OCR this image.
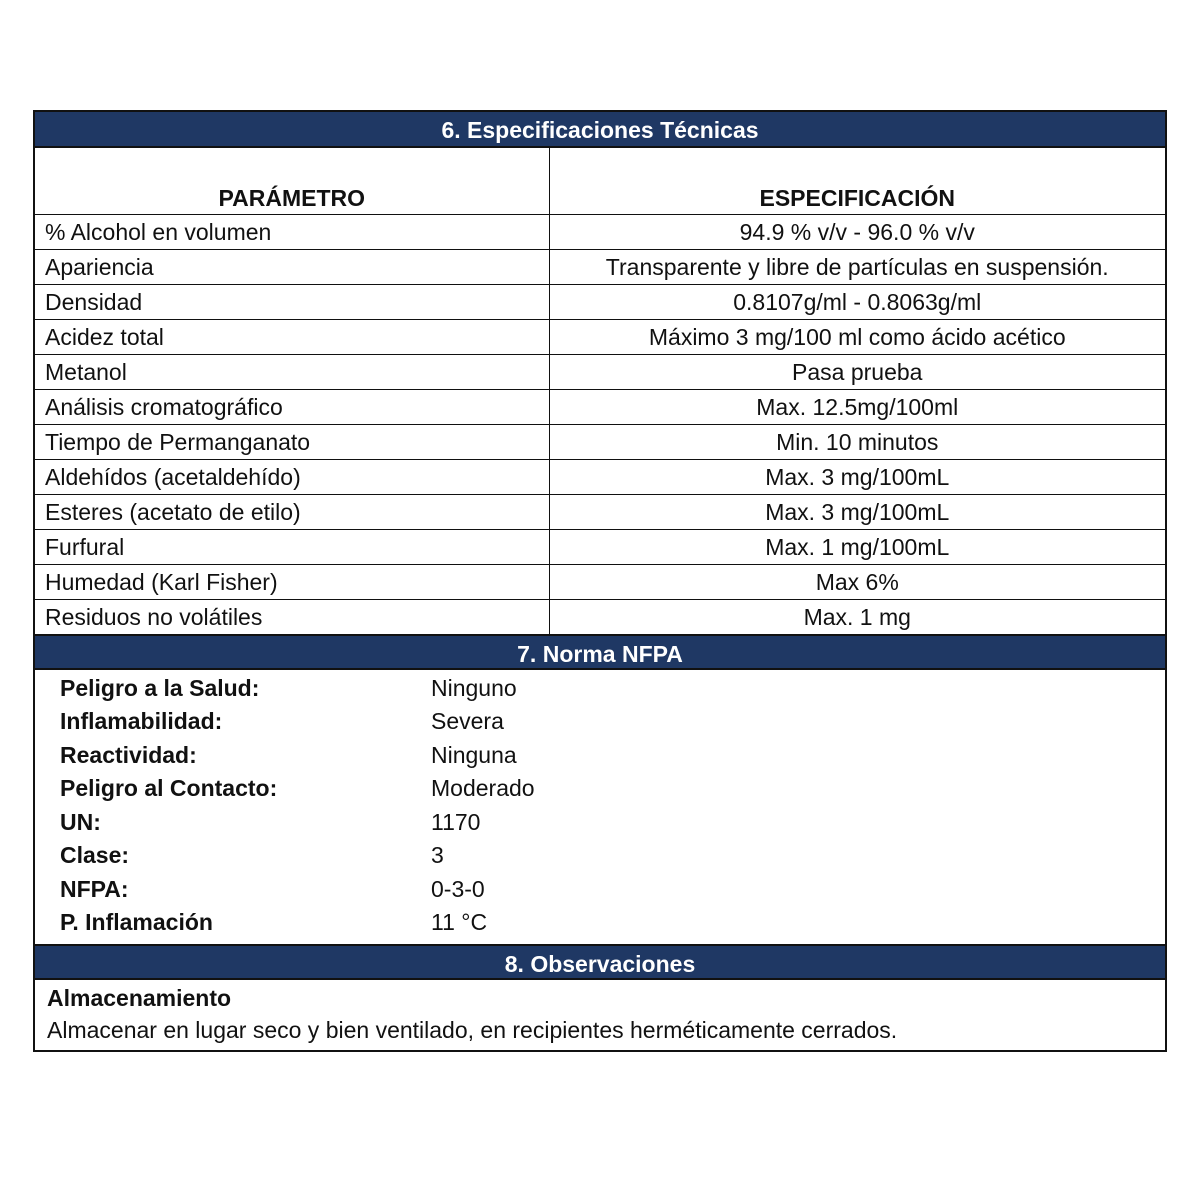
6. Especificaciones Técnicas
PARÁMETRO	ESPECIFICACIÓN
% Alcohol en volumen	94.9 % v/v - 96.0 % v/v
Apariencia	Transparente y libre de partículas en suspensión.
Densidad	0.8107g/ml - 0.8063g/ml
Acidez total	Máximo 3 mg/100 ml como ácido acético
Metanol	Pasa prueba
Análisis cromatográfico	Max. 12.5mg/100ml
Tiempo de Permanganato	Min. 10 minutos
Aldehídos (acetaldehído)	Max. 3 mg/100mL
Esteres (acetato de etilo)	Max. 3 mg/100mL
Furfural	Max. 1 mg/100mL
Humedad (Karl Fisher)	Max 6%
Residuos no volátiles	Max. 1 mg
7. Norma NFPA
Peligro a la Salud:	Ninguno
Inflamabilidad:	Severa
Reactividad:	Ninguna
Peligro al Contacto:	Moderado
UN:	1170
Clase:	3
NFPA:	0-3-0
P. Inflamación	11 °C
8. Observaciones
Almacenamiento
Almacenar en lugar seco y bien ventilado, en recipientes herméticamente cerrados.
